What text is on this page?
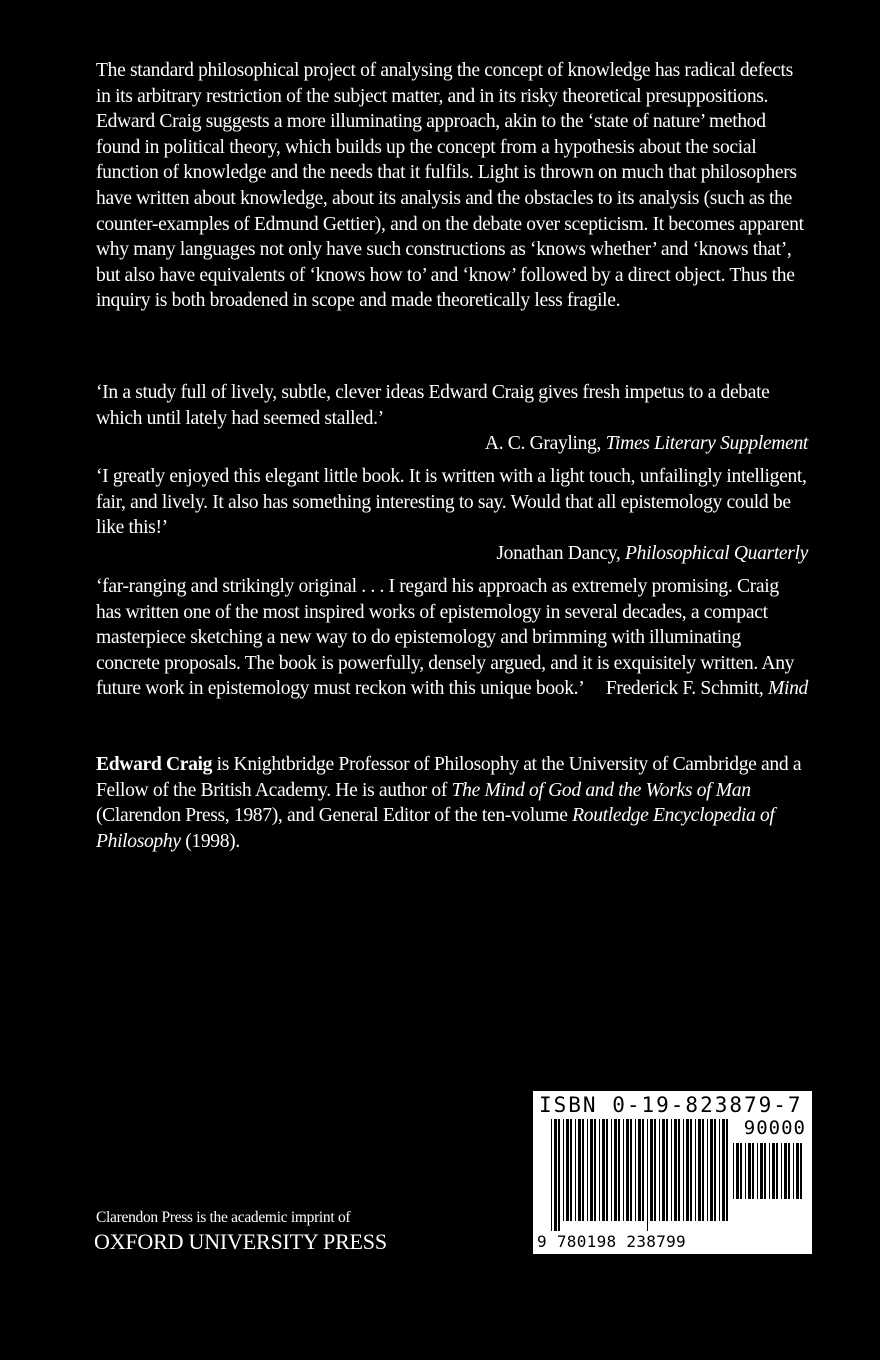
The standard philosophical project of analysing the concept of knowledge has radical defects in its arbitrary restriction of the subject matter, and in its risky theoretical presuppositions. Edward Craig suggests a more illuminating approach, akin to the ‘state of nature’ method found in political theory, which builds up the concept from a hypothesis about the social function of knowledge and the needs that it fulfils. Light is thrown on much that philosophers have written about knowledge, about its analysis and the obstacles to its analysis (such as the counter-examples of Edmund Gettier), and on the debate over scepticism. It becomes apparent why many languages not only have such constructions as ‘knows whether’ and ‘knows that’, but also have equivalents of ‘knows how to’ and ‘know’ followed by a direct object. Thus the inquiry is both broadened in scope and made theoretically less fragile.

‘In a study full of lively, subtle, clever ideas Edward Craig gives fresh impetus to a debate which until lately had seemed stalled.’
A. C. Grayling, Times Literary Supplement

‘I greatly enjoyed this elegant little book. It is written with a light touch, unfailingly intelligent, fair, and lively. It also has something interesting to say. Would that all epistemology could be like this!’
Jonathan Dancy, Philosophical Quarterly

‘far-ranging and strikingly original . . . I regard his approach as extremely promising. Craig has written one of the most inspired works of epistemology in several decades, a compact masterpiece sketching a new way to do epistemology and brimming with illuminating concrete proposals. The book is powerfully, densely argued, and it is exquisitely written. Any future work in epistemology must reckon with this unique book.’ Frederick F. Schmitt, Mind

Edward Craig is Knightbridge Professor of Philosophy at the University of Cambridge and a Fellow of the British Academy. He is author of The Mind of God and the Works of Man (Clarendon Press, 1987), and General Editor of the ten-volume Routledge Encyclopedia of Philosophy (1998).

Clarendon Press is the academic imprint of
OXFORD UNIVERSITY PRESS
ISBN 0-19-823879-7
90000
9 780198 238799
